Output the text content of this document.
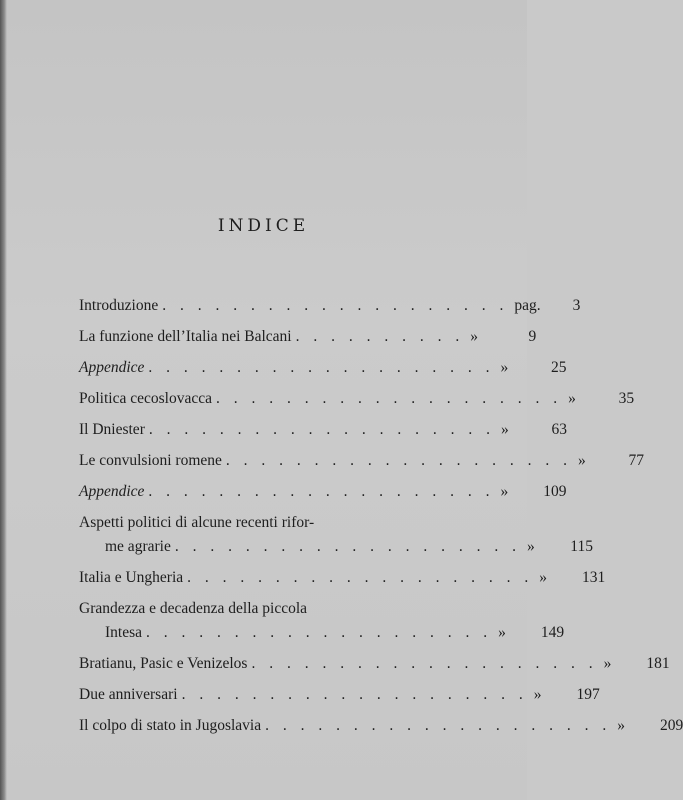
INDICE
Introduzione . . . . . . . . . . . . . . . . . . . . pag.	3
La funzione dell’Italia nei Balcani . . . . . . . . . . »	9
Appendice . . . . . . . . . . . . . . . . . . . . »	25
Politica cecoslovacca . . . . . . . . . . . . . . . . . . . . »	35
Il Dniester . . . . . . . . . . . . . . . . . . . . »	63
Le convulsioni romene . . . . . . . . . . . . . . . . . . . . »	77
Appendice . . . . . . . . . . . . . . . . . . . . »	109
Aspetti politici di alcune recenti rifor-
me agrarie . . . . . . . . . . . . . . . . . . . . »	115
Italia e Ungheria . . . . . . . . . . . . . . . . . . . . »	131
Grandezza e decadenza della piccola
Intesa . . . . . . . . . . . . . . . . . . . . »	149
Bratianu, Pasic e Venizelos . . . . . . . . . . . . . . . . . . . . »	181
Due anniversari . . . . . . . . . . . . . . . . . . . . »	197
Il colpo di stato in Jugoslavia . . . . . . . . . . . . . . . . . . . . »	209
